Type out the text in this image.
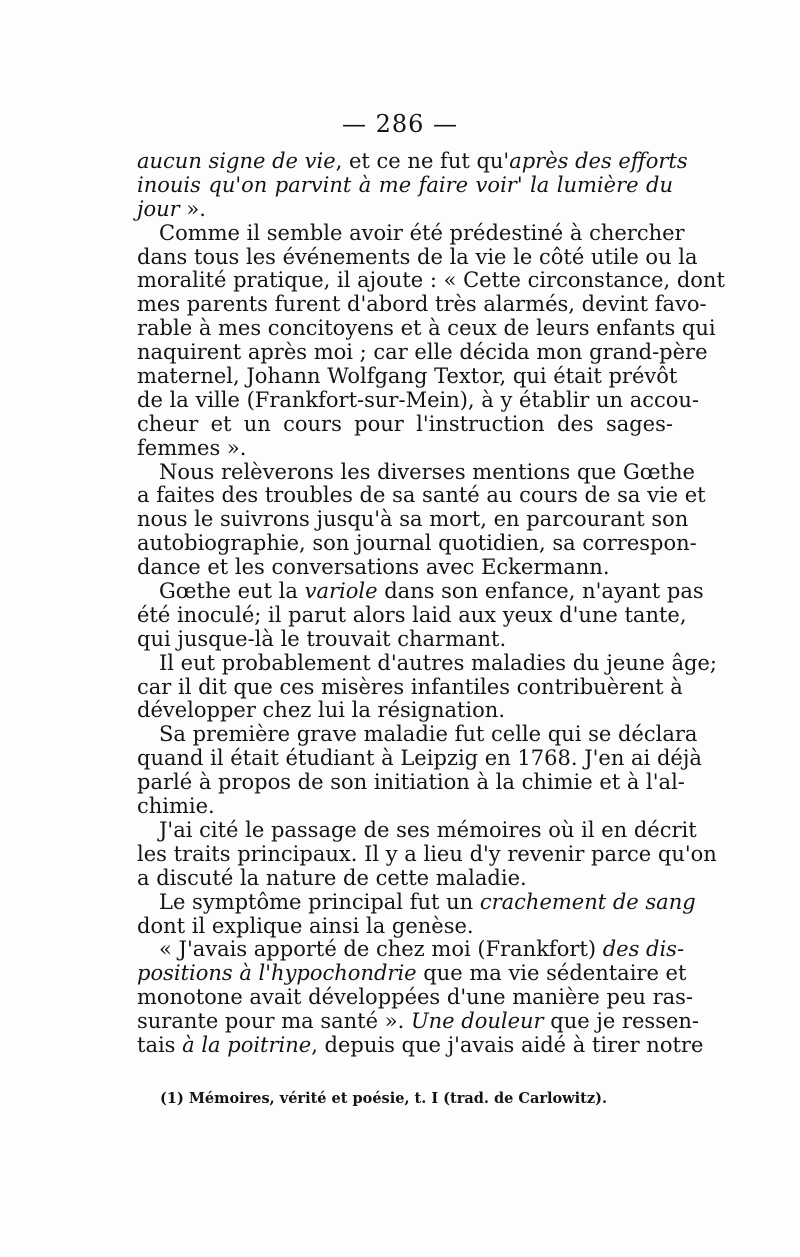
— 286 —
aucun signe de vie, et ce ne fut qu'après des efforts
inouis qu'on parvint à me faire voir' la lumière du
jour ».
Comme il semble avoir été prédestiné à chercher
dans tous les événements de la vie le côté utile ou la
moralité pratique, il ajoute : « Cette circonstance, dont
mes parents furent d'abord très alarmés, devint favo-
rable à mes concitoyens et à ceux de leurs enfants qui
naquirent après moi ; car elle décida mon grand-père
maternel, Johann Wolfgang Textor, qui était prévôt
de la ville (Frankfort-sur-Mein), à y établir un accou-
cheur et un cours pour l'instruction des sages-
femmes ».
Nous relèverons les diverses mentions que Gœthe
a faites des troubles de sa santé au cours de sa vie et
nous le suivrons jusqu'à sa mort, en parcourant son
autobiographie, son journal quotidien, sa correspon-
dance et les conversations avec Eckermann.
Gœthe eut la variole dans son enfance, n'ayant pas
été inoculé; il parut alors laid aux yeux d'une tante,
qui jusque-là le trouvait charmant.
Il eut probablement d'autres maladies du jeune âge;
car il dit que ces misères infantiles contribuèrent à
développer chez lui la résignation.
Sa première grave maladie fut celle qui se déclara
quand il était étudiant à Leipzig en 1768. J'en ai déjà
parlé à propos de son initiation à la chimie et à l'al-
chimie.
J'ai cité le passage de ses mémoires où il en décrit
les traits principaux. Il y a lieu d'y revenir parce qu'on
a discuté la nature de cette maladie.
Le symptôme principal fut un crachement de sang
dont il explique ainsi la genèse.
« J'avais apporté de chez moi (Frankfort) des dis-
positions à l'hypochondrie que ma vie sédentaire et
monotone avait développées d'une manière peu ras-
surante pour ma santé ». Une douleur que je ressen-
tais à la poitrine, depuis que j'avais aidé à tirer notre
(1) Mémoires, vérité et poésie, t. I (trad. de Carlowitz).
